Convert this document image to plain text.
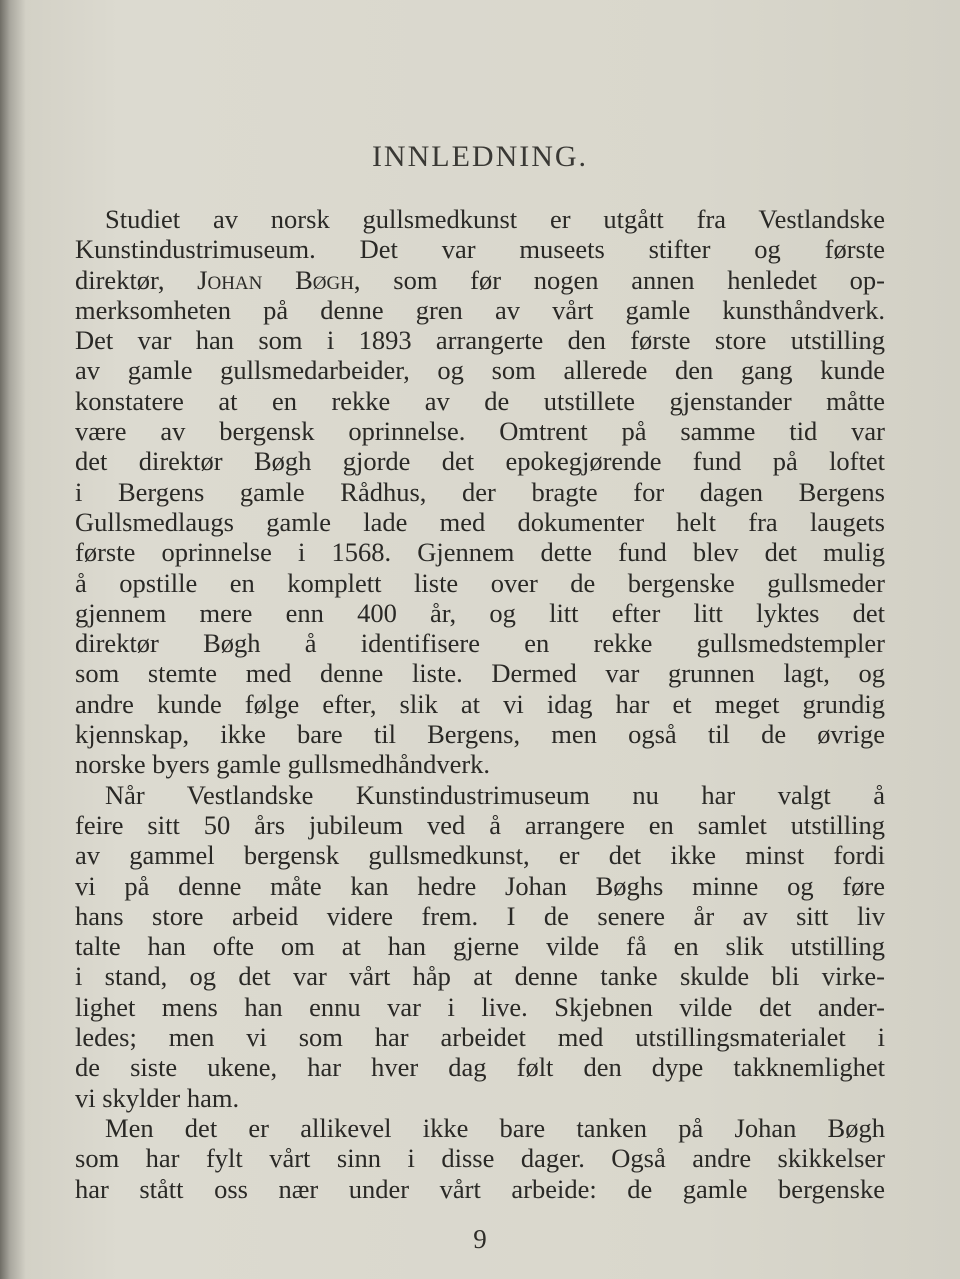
INNLEDNING.
Studiet av norsk gullsmedkunst er utgått fra Vestlandske
Kunstindustrimuseum. Det var museets stifter og første
direktør, Johan Bøgh, som før nogen annen henledet op-
merksomheten på denne gren av vårt gamle kunsthåndverk.
Det var han som i 1893 arrangerte den første store utstilling
av gamle gullsmedarbeider, og som allerede den gang kunde
konstatere at en rekke av de utstillete gjenstander måtte
være av bergensk oprinnelse. Omtrent på samme tid var
det direktør Bøgh gjorde det epokegjørende fund på loftet
i Bergens gamle Rådhus, der bragte for dagen Bergens
Gullsmedlaugs gamle lade med dokumenter helt fra laugets
første oprinnelse i 1568. Gjennem dette fund blev det mulig
å opstille en komplett liste over de bergenske gullsmeder
gjennem mere enn 400 år, og litt efter litt lyktes det
direktør Bøgh å identifisere en rekke gullsmedstempler
som stemte med denne liste. Dermed var grunnen lagt, og
andre kunde følge efter, slik at vi idag har et meget grundig
kjennskap, ikke bare til Bergens, men også til de øvrige
norske byers gamle gullsmedhåndverk.
Når Vestlandske Kunstindustrimuseum nu har valgt å
feire sitt 50 års jubileum ved å arrangere en samlet utstilling
av gammel bergensk gullsmedkunst, er det ikke minst fordi
vi på denne måte kan hedre Johan Bøghs minne og føre
hans store arbeid videre frem. I de senere år av sitt liv
talte han ofte om at han gjerne vilde få en slik utstilling
i stand, og det var vårt håp at denne tanke skulde bli virke-
lighet mens han ennu var i live. Skjebnen vilde det ander-
ledes; men vi som har arbeidet med utstillingsmaterialet i
de siste ukene, har hver dag følt den dype takknemlighet
vi skylder ham.
Men det er allikevel ikke bare tanken på Johan Bøgh
som har fylt vårt sinn i disse dager. Også andre skikkelser
har stått oss nær under vårt arbeide: de gamle bergenske
9
